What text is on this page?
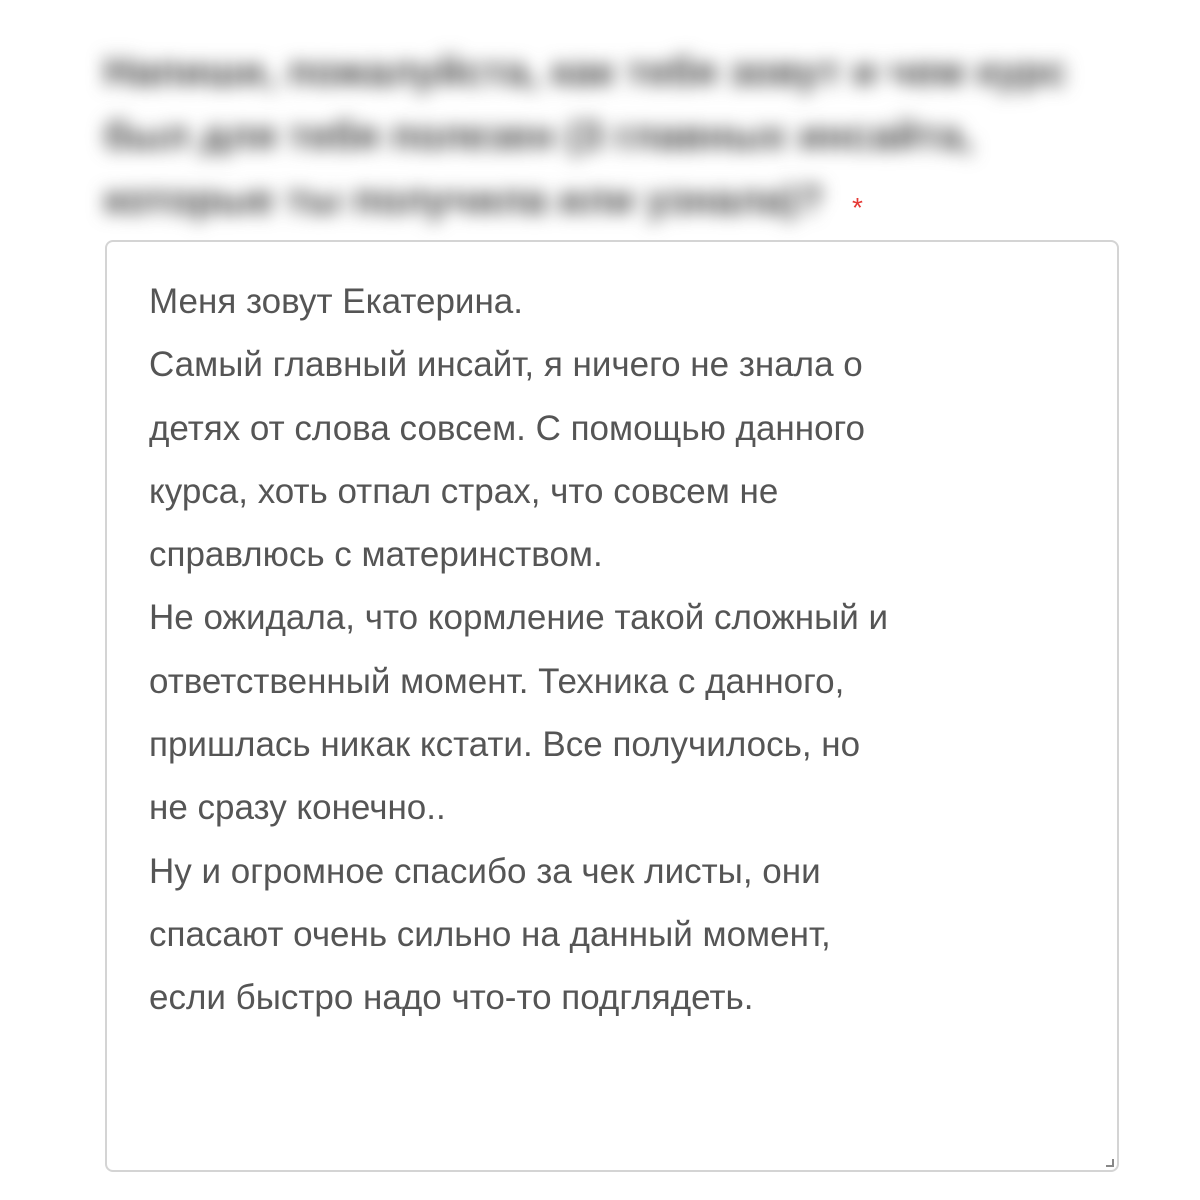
Напиши, пожалуйста, как тебя зовут и чем курс
был для тебя полезен (3 главных инсайта,
которые ты получила или узнала)? *

Меня зовут Екатерина.
Самый главный инсайт, я ничего не знала о
детях от слова совсем. С помощью данного
курса, хоть отпал страх, что совсем не
справлюсь с материнством.
Не ожидала, что кормление такой сложный и
ответственный момент. Техника с данного,
пришлась никак кстати. Все получилось, но
не сразу конечно..
Ну и огромное спасибо за чек листы, они
спасают очень сильно на данный момент,
если быстро надо что-то подглядеть.
